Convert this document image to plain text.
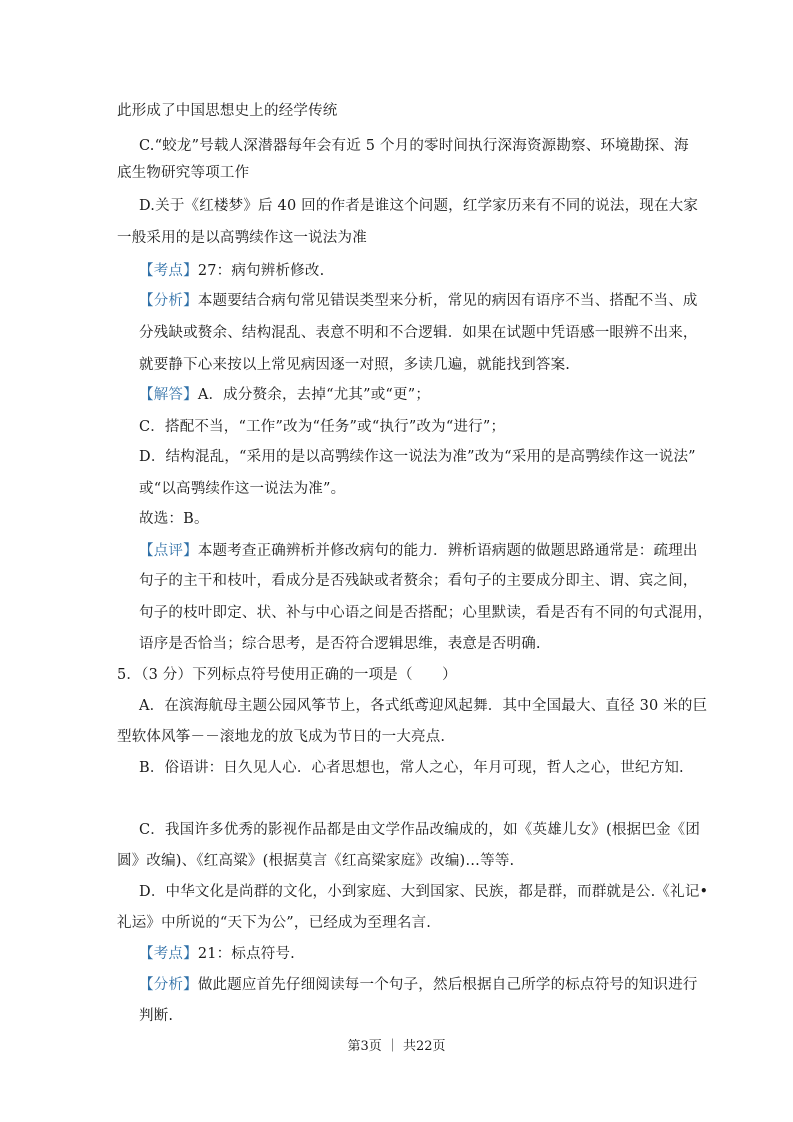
此形成了中国思想史上的经学传统

C.“蛟龙”号载人深潜器每年会有近 5 个月的零时间执行深海资源勘察、环境勘探、海

底生物研究等项工作

D.关于《红楼梦》后 40 回的作者是谁这个问题，红学家历来有不同的说法，现在大家

一般采用的是以高鹗续作这一说法为准

【考点】27：病句辨析修改.

【分析】本题要结合病句常见错误类型来分析，常见的病因有语序不当、搭配不当、成

分残缺或赘余、结构混乱、表意不明和不合逻辑．如果在试题中凭语感一眼辨不出来，

就要静下心来按以上常见病因逐一对照，多读几遍，就能找到答案.

【解答】A．成分赘余，去掉“尤其”或“更”；

C．搭配不当，“工作”改为“任务”或“执行”改为“进行”；

D．结构混乱，“采用的是以高鹗续作这一说法为准”改为“采用的是高鹗续作这一说法”

或“以高鹗续作这一说法为准”。

故选：B。

【点评】本题考查正确辨析并修改病句的能力．辨析语病题的做题思路通常是：疏理出

句子的主干和枝叶，看成分是否残缺或者赘余；看句子的主要成分即主、谓、宾之间，

句子的枝叶即定、状、补与中心语之间是否搭配；心里默读，看是否有不同的句式混用，

语序是否恰当；综合思考，是否符合逻辑思维，表意是否明确.

5．（3 分）下列标点符号使用正确的一项是（　　）

A．在滨海航母主题公园风筝节上，各式纸鸢迎风起舞．其中全国最大、直径 30 米的巨

型软体风筝－－滚地龙的放飞成为节日的一大亮点.

B．俗语讲：日久见人心．心者思想也，常人之心，年月可现，哲人之心，世纪方知.

C．我国许多优秀的影视作品都是由文学作品改编成的，如《英雄儿女》(根据巴金《团

圆》改编)、《红高粱》(根据莫言《红高粱家庭》改编)…等等.

D．中华文化是尚群的文化，小到家庭、大到国家、民族，都是群，而群就是公.《礼记•

礼运》中所说的“天下为公”，已经成为至理名言.

【考点】21：标点符号.

【分析】做此题应首先仔细阅读每一个句子，然后根据自己所学的标点符号的知识进行

判断.

第3页 ｜ 共22页
